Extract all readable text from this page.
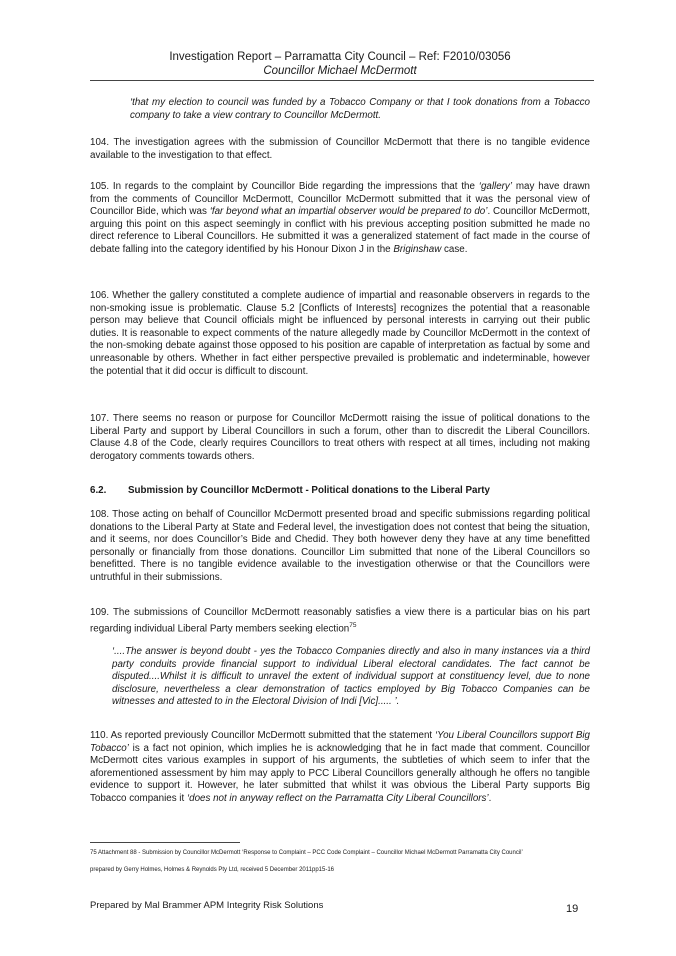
Investigation Report – Parramatta City Council – Ref: F2010/03056
Councillor Michael McDermott
‘that my election to council was funded by a Tobacco Company or that I took donations from a Tobacco company to take a view contrary to Councillor McDermott.
104. The investigation agrees with the submission of Councillor McDermott that there is no tangible evidence available to the investigation to that effect.
105. In regards to the complaint by Councillor Bide regarding the impressions that the ‘gallery’ may have drawn from the comments of Councillor McDermott, Councillor McDermott submitted that it was the personal view of Councillor Bide, which was ‘far beyond what an impartial observer would be prepared to do’. Councillor McDermott, arguing this point on this aspect seemingly in conflict with his previous accepting position submitted he made no direct reference to Liberal Councillors. He submitted it was a generalized statement of fact made in the course of debate falling into the category identified by his Honour Dixon J in the Briginshaw case.
106. Whether the gallery constituted a complete audience of impartial and reasonable observers in regards to the non-smoking issue is problematic. Clause 5.2 [Conflicts of Interests] recognizes the potential that a reasonable person may believe that Council officials might be influenced by personal interests in carrying out their public duties. It is reasonable to expect comments of the nature allegedly made by Councillor McDermott in the context of the non-smoking debate against those opposed to his position are capable of interpretation as factual by some and unreasonable by others. Whether in fact either perspective prevailed is problematic and indeterminable, however the potential that it did occur is difficult to discount.
107. There seems no reason or purpose for Councillor McDermott raising the issue of political donations to the Liberal Party and support by Liberal Councillors in such a forum, other than to discredit the Liberal Councillors. Clause 4.8 of the Code, clearly requires Councillors to treat others with respect at all times, including not making derogatory comments towards others.
6.2. Submission by Councillor McDermott - Political donations to the Liberal Party
108. Those acting on behalf of Councillor McDermott presented broad and specific submissions regarding political donations to the Liberal Party at State and Federal level, the investigation does not contest that being the situation, and it seems, nor does Councillor’s Bide and Chedid. They both however deny they have at any time benefitted personally or financially from those donations. Councillor Lim submitted that none of the Liberal Councillors so benefitted. There is no tangible evidence available to the investigation otherwise or that the Councillors were untruthful in their submissions.
109. The submissions of Councillor McDermott reasonably satisfies a view there is a particular bias on his part regarding individual Liberal Party members seeking election$^{75}$
‘....The answer is beyond doubt - yes the Tobacco Companies directly and also in many instances via a third party conduits provide financial support to individual Liberal electoral candidates. The fact cannot be disputed....Whilst it is difficult to unravel the extent of individual support at constituency level, due to none disclosure, nevertheless a clear demonstration of tactics employed by Big Tobacco Companies can be witnesses and attested to in the Electoral Division of Indi [Vic]..... ’.
110. As reported previously Councillor McDermott submitted that the statement ‘You Liberal Councillors support Big Tobacco’ is a fact not opinion, which implies he is acknowledging that he in fact made that comment. Councillor McDermott cites various examples in support of his arguments, the subtleties of which seem to infer that the aforementioned assessment by him may apply to PCC Liberal Councillors generally although he offers no tangible evidence to support it. However, he later submitted that whilst it was obvious the Liberal Party supports Big Tobacco companies it ‘does not in anyway reflect on the Parramatta City Liberal Councillors’.
75 Attachment 88 - Submission by Councillor McDermott ‘Response to Complaint – PCC Code Complaint – Councillor Michael McDermott Parramatta City Council’
prepared by Gerry Holmes, Holmes & Reynolds Pty Ltd, received 5 December 2011pp15-16
Prepared by Mal Brammer APM Integrity Risk Solutions	19
